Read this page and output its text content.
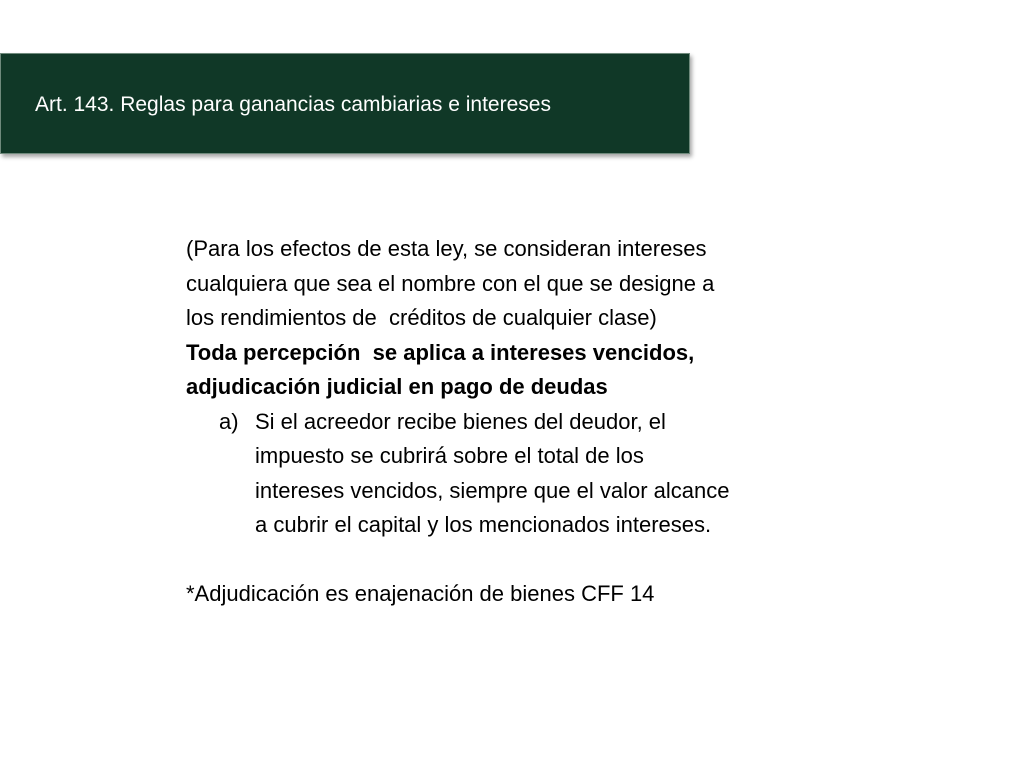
Art. 143. Reglas para ganancias cambiarias e intereses
(Para los efectos de esta ley, se consideran intereses
cualquiera que sea el nombre con el que se designe a
los rendimientos de  créditos de cualquier clase)
Toda percepción  se aplica a intereses vencidos,
adjudicación judicial en pago de deudas
a) Si el acreedor recibe bienes del deudor, el
impuesto se cubrirá sobre el total de los
intereses vencidos, siempre que el valor alcance
a cubrir el capital y los mencionados intereses.
*Adjudicación es enajenación de bienes CFF 14
